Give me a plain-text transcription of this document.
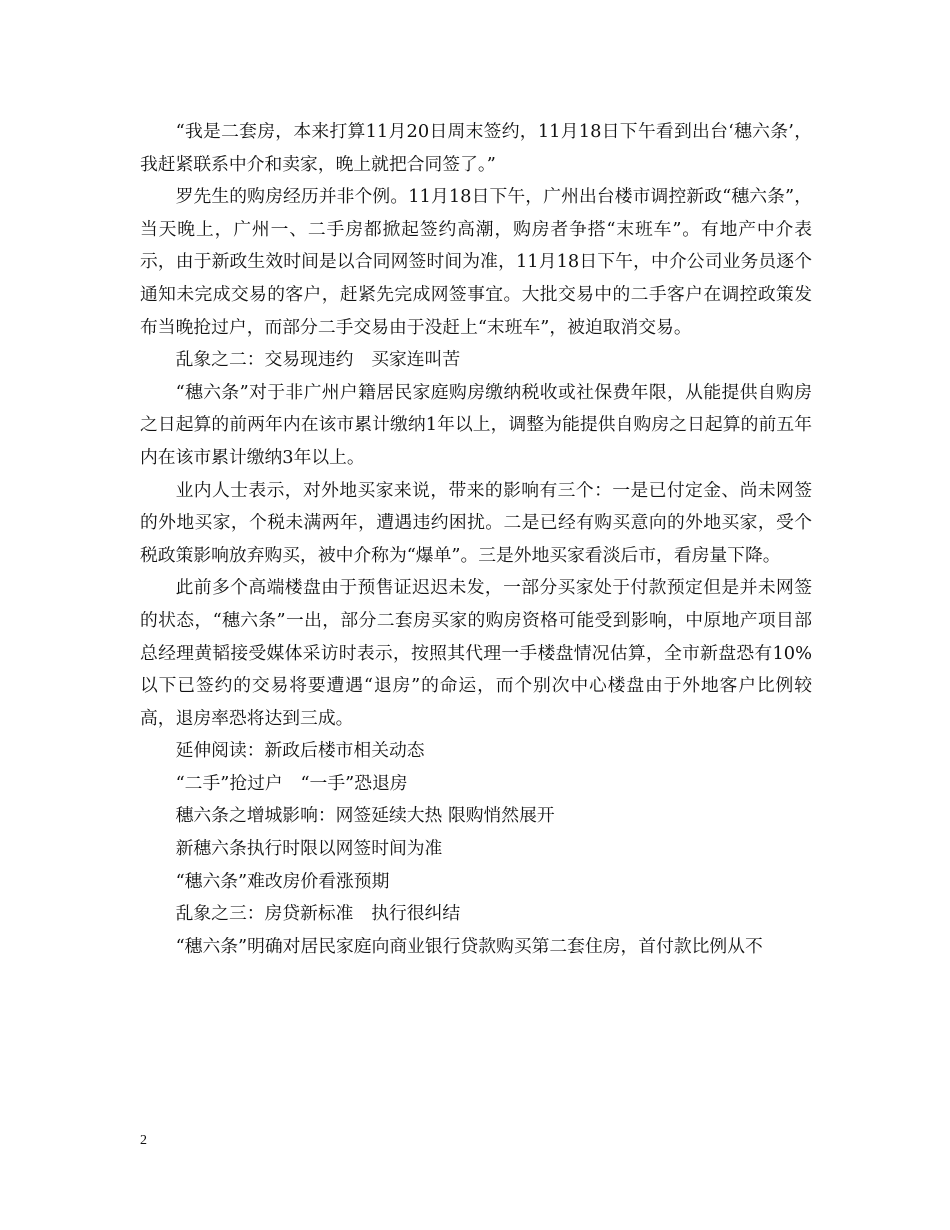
“我是二套房，本来打算11月20日周末签约，11月18日下午看到出台‘穗六条’，我赶紧联系中介和卖家，晚上就把合同签了。”

罗先生的购房经历并非个例。11月18日下午，广州出台楼市调控新政“穗六条”，当天晚上，广州一、二手房都掀起签约高潮，购房者争搭“末班车”。有地产中介表示，由于新政生效时间是以合同网签时间为准，11月18日下午，中介公司业务员逐个通知未完成交易的客户，赶紧先完成网签事宜。大批交易中的二手客户在调控政策发布当晚抢过户，而部分二手交易由于没赶上“末班车”，被迫取消交易。

乱象之二：交易现违约　买家连叫苦

“穗六条”对于非广州户籍居民家庭购房缴纳税收或社保费年限，从能提供自购房之日起算的前两年内在该市累计缴纳1年以上，调整为能提供自购房之日起算的前五年内在该市累计缴纳3年以上。

业内人士表示，对外地买家来说，带来的影响有三个：一是已付定金、尚未网签的外地买家，个税未满两年，遭遇违约困扰。二是已经有购买意向的外地买家，受个税政策影响放弃购买，被中介称为“爆单”。三是外地买家看淡后市，看房量下降。

此前多个高端楼盘由于预售证迟迟未发，一部分买家处于付款预定但是并未网签的状态，“穗六条”一出，部分二套房买家的购房资格可能受到影响，中原地产项目部总经理黄韬接受媒体采访时表示，按照其代理一手楼盘情况估算，全市新盘恐有10%以下已签约的交易将要遭遇“退房”的命运，而个别次中心楼盘由于外地客户比例较高，退房率恐将达到三成。

延伸阅读：新政后楼市相关动态

“二手”抢过户　“一手”恐退房

穗六条之增城影响：网签延续大热 限购悄然展开

新穗六条执行时限以网签时间为准

“穗六条”难改房价看涨预期

乱象之三：房贷新标准　执行很纠结

“穗六条”明确对居民家庭向商业银行贷款购买第二套住房，首付款比例从不

2
